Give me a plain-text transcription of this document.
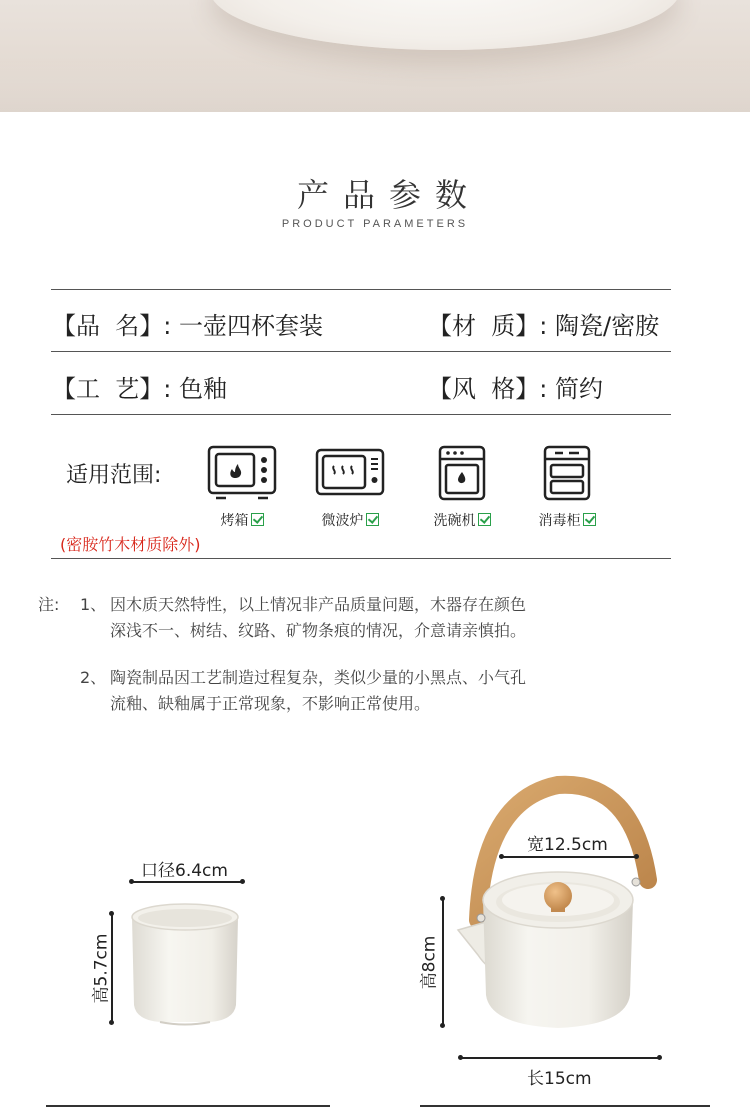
产品参数
PRODUCT PARAMETERS
【品  名】: 一壶四杯套装	【材  质】: 陶瓷/密胺
【工  艺】: 色釉	【风  格】: 简约
适用范围:
烤箱	微波炉	洗碗机	消毒柜
(密胺竹木材质除外)
注: 1、 因木质天然特性，以上情况非产品质量问题，木器存在颜色
深浅不一、树结、纹路、矿物条痕的情况，介意请亲慎拍。
2、 陶瓷制品因工艺制造过程复杂，类似少量的小黑点、小气孔
流釉、缺釉属于正常现象，不影响正常使用。
口径6.4cm
高5.7cm
宽12.5cm
高8cm
长15cm
